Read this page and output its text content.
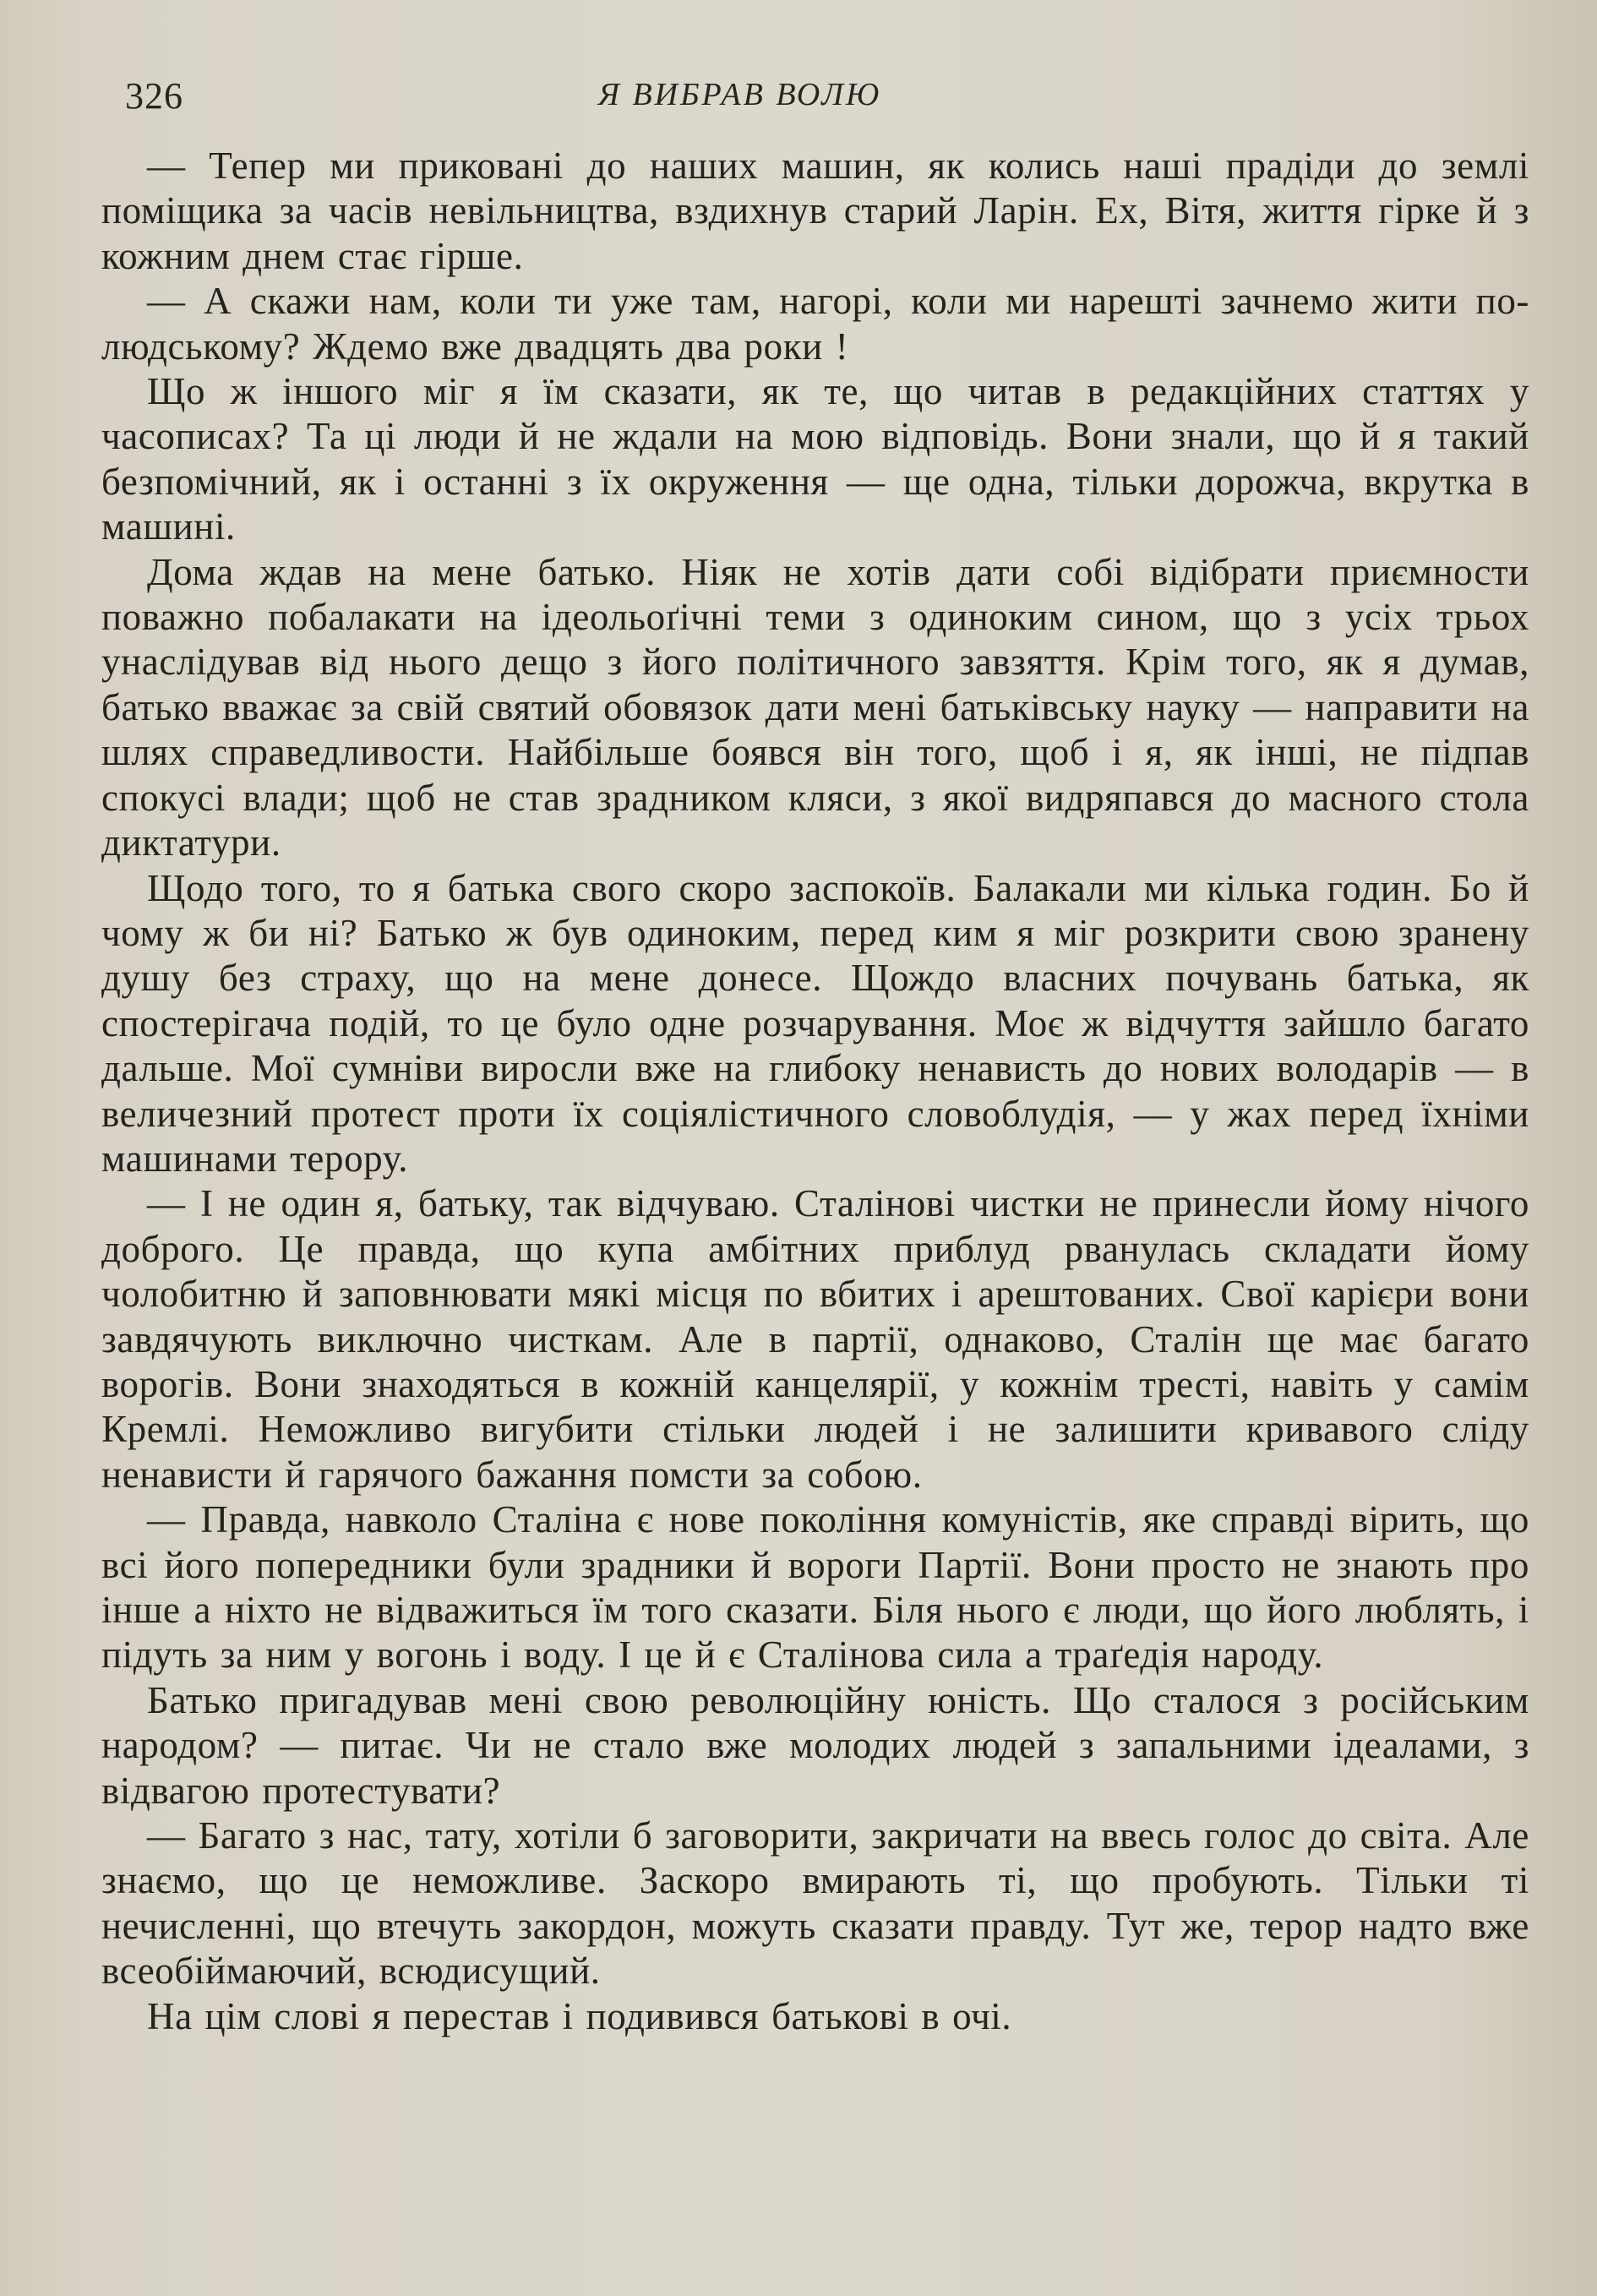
326	Я ВИБРАВ ВОЛЮ

— Тепер ми приковані до наших машин, як колись наші прадіди до землі поміщика за часів невільництва, вздихнув старий Ларін. Ех, Вітя, життя гірке й з кожним днем стає гірше.

— А скажи нам, коли ти уже там, нагорі, коли ми нарешті зачнемо жити по-людському? Ждемо вже двадцять два роки !

Що ж іншого міг я їм сказати, як те, що читав в редакційних статтях у часописах? Та ці люди й не ждали на мою відповідь. Вони знали, що й я такий безпомічний, як і останні з їх окруження — ще одна, тільки дорожча, вкрутка в машині.

Дома ждав на мене батько. Ніяк не хотів дати собі відібрати приємности поважно побалакати на ідеольоґічні теми з одиноким сином, що з усіх трьох унаслідував від нього дещо з його політичного завзяття. Крім того, як я думав, батько вважає за свій святий обовязок дати мені батьківську науку — направити на шлях справедливости. Найбільше боявся він того, щоб і я, як інші, не підпав спокусі влади; щоб не став зрадником кляси, з якої видряпався до масного стола диктатури.

Щодо того, то я батька свого скоро заспокоїв. Балакали ми кілька годин. Бо й чому ж би ні? Батько ж був одиноким, перед ким я міг розкрити свою зранену душу без страху, що на мене донесе. Щождо власних почувань батька, як спостерігача подій, то це було одне розчарування. Моє ж відчуття зайшло багато дальше. Мої сумніви виросли вже на глибоку ненависть до нових володарів — в величезний протест проти їх соціялістичного словоблудія, — у жах перед їхніми машинами терору.

— І не один я, батьку, так відчуваю. Сталінові чистки не принесли йому нічого доброго. Це правда, що купа амбітних приблуд рванулась складати йому чолобитню й заповнювати мякі місця по вбитих і арештованих. Свої карієри вони завдячують виключно чисткам. Але в партії, однаково, Сталін ще має багато ворогів. Вони знаходяться в кожній канцелярії, у кожнім тресті, навіть у самім Кремлі. Неможливо вигубити стільки людей і не залишити кривавого сліду ненависти й гарячого бажання помсти за собою.

— Правда, навколо Сталіна є нове покоління комуністів, яке справді вірить, що всі його попередники були зрадники й вороги Партії. Вони просто не знають про інше а ніхто не відважиться їм того сказати. Біля нього є люди, що його люблять, і підуть за ним у вогонь і воду. І це й є Сталінова сила а траґедія народу.

Батько пригадував мені свою революційну юність. Що сталося з російським народом? — питає. Чи не стало вже молодих людей з запальними ідеалами, з відвагою протестувати?

— Багато з нас, тату, хотіли б заговорити, закричати на ввесь голос до світа. Але знаємо, що це неможливе. Заскоро вмирають ті, що пробують. Тільки ті нечисленні, що втечуть закордон, можуть сказати правду. Тут же, терор надто вже всеобіймаючий, всюдисущий.

На цім слові я перестав і подивився батькові в очі.
